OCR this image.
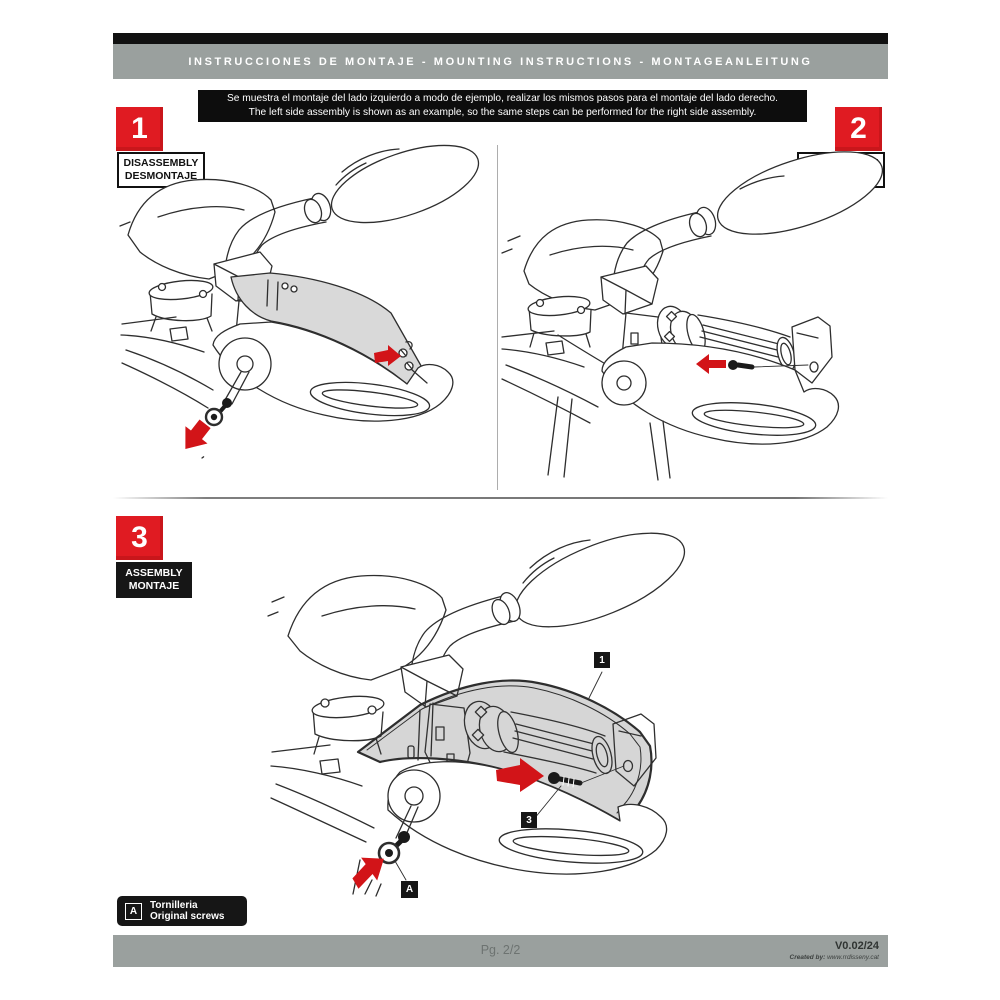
INSTRUCCIONES DE MONTAJE - MOUNTING INSTRUCTIONS - MONTAGEANLEITUNG
Se muestra el montaje del lado izquierdo a modo de ejemplo, realizar los mismos pasos para el montaje del lado derecho.
The left side assembly is shown as an example, so the same steps can be performed for the right side assembly.
1
DISASSEMBLY
DESMONTAJE
2
3
ASSEMBLY
MONTAJE
1
3
A
A	Tornilleria
Original screws
Pg. 2/2	V0.02/24
Created by: www.rrdisseny.cat
